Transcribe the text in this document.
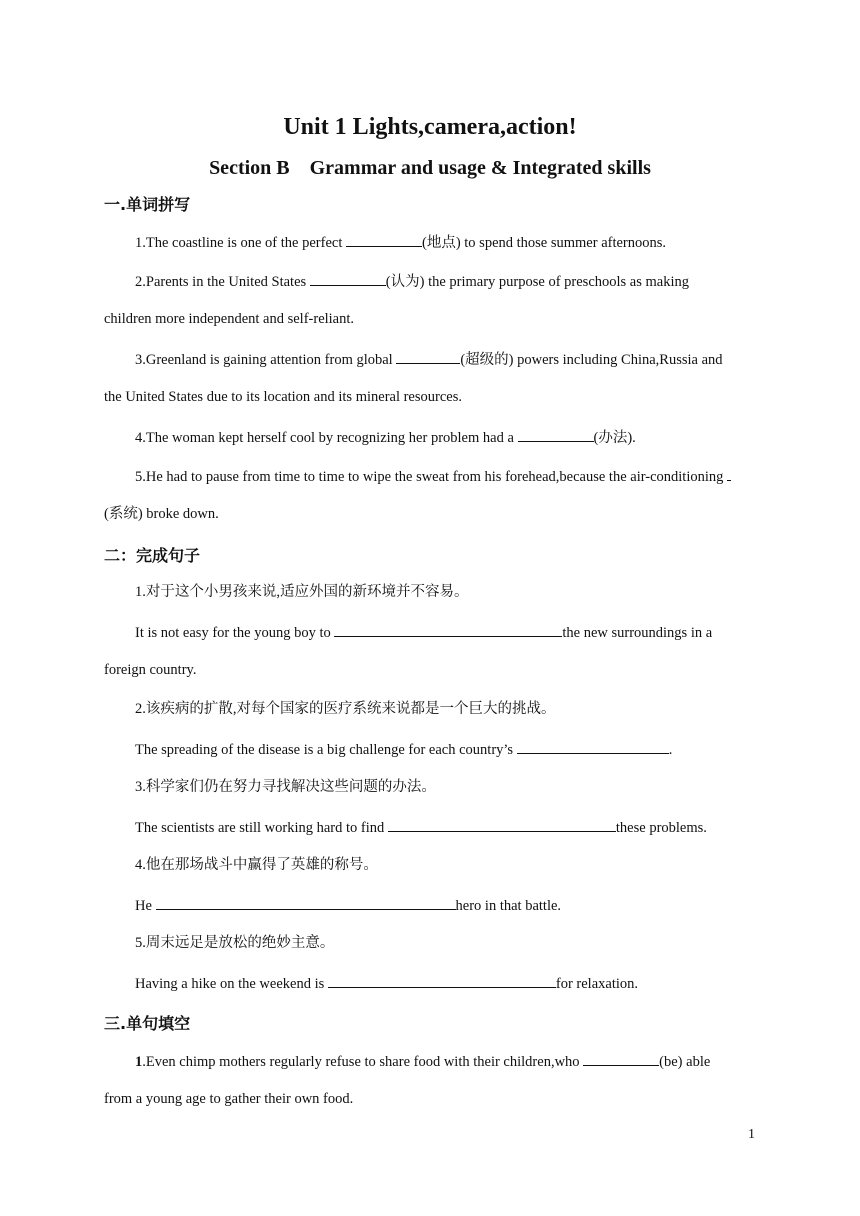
Unit 1 Lights,camera,action!
Section B Grammar and usage & Integrated skills
一.单词拼写
1.The coastline is one of the perfect	(地点) to spend those summer afternoons.
2.Parents in the United States	(认为) the primary purpose of preschools as making
children more independent and self-reliant.
3.Greenland is gaining attention from global	(超级的) powers including China,Russia and
the United States due to its location and its mineral resources.
4.The woman kept herself cool by recognizing her problem had a	(办法).
5.He had to pause from time to time to wipe the sweat from his forehead,because the air-conditioning
(系统) broke down.
二：完成句子
1.对于这个小男孩来说,适应外国的新环境并不容易。
It is not easy for the young boy to	the new surroundings in a
foreign country.
2.该疾病的扩散,对每个国家的医疗系统来说都是一个巨大的挑战。
The spreading of the disease is a big challenge for each country’s	.
3.科学家们仍在努力寻找解决这些问题的办法。
The scientists are still working hard to find	these problems.
4.他在那场战斗中赢得了英雄的称号。
He	hero in that battle.
5.周末远足是放松的绝妙主意。
Having a hike on the weekend is	for relaxation.
三.单句填空
1.Even chimp mothers regularly refuse to share food with their children,who	(be) able
from a young age to gather their own food.
1
